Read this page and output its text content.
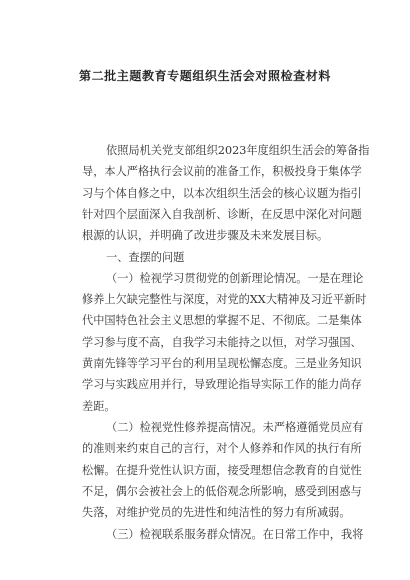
第二批主题教育专题组织生活会对照检查材料
依照局机关党支部组织2023年度组织生活会的筹备指
导，本人严格执行会议前的准备工作，积极投身于集体学
习与个体自修之中，以本次组织生活会的核心议题为指引
针对四个层面深入自我剖析、诊断，在反思中深化对问题
根源的认识，并明确了改进步骤及未来发展目标。
一、查摆的问题
（一）检视学习贯彻党的创新理论情况。一是在理论
修养上欠缺完整性与深度，对党的XX大精神及习近平新时
代中国特色社会主义思想的掌握不足、不彻底。二是集体
学习参与度不高，自我学习未能持之以恒，对学习强国、
黄南先锋等学习平台的利用呈现松懈态度。三是业务知识
学习与实践应用并行，导致理论指导实际工作的能力尚存
差距。
（二）检视党性修养提高情况。未严格遵循党员应有
的准则来约束自己的言行，对个人修养和作风的执行有所
松懈。在提升党性认识方面，接受理想信念教育的自觉性
不足，偶尔会被社会上的低俗观念所影响，感受到困惑与
失落，对维护党员的先进性和纯洁性的努力有所减弱。
（三）检视联系服务群众情况。在日常工作中，我将
